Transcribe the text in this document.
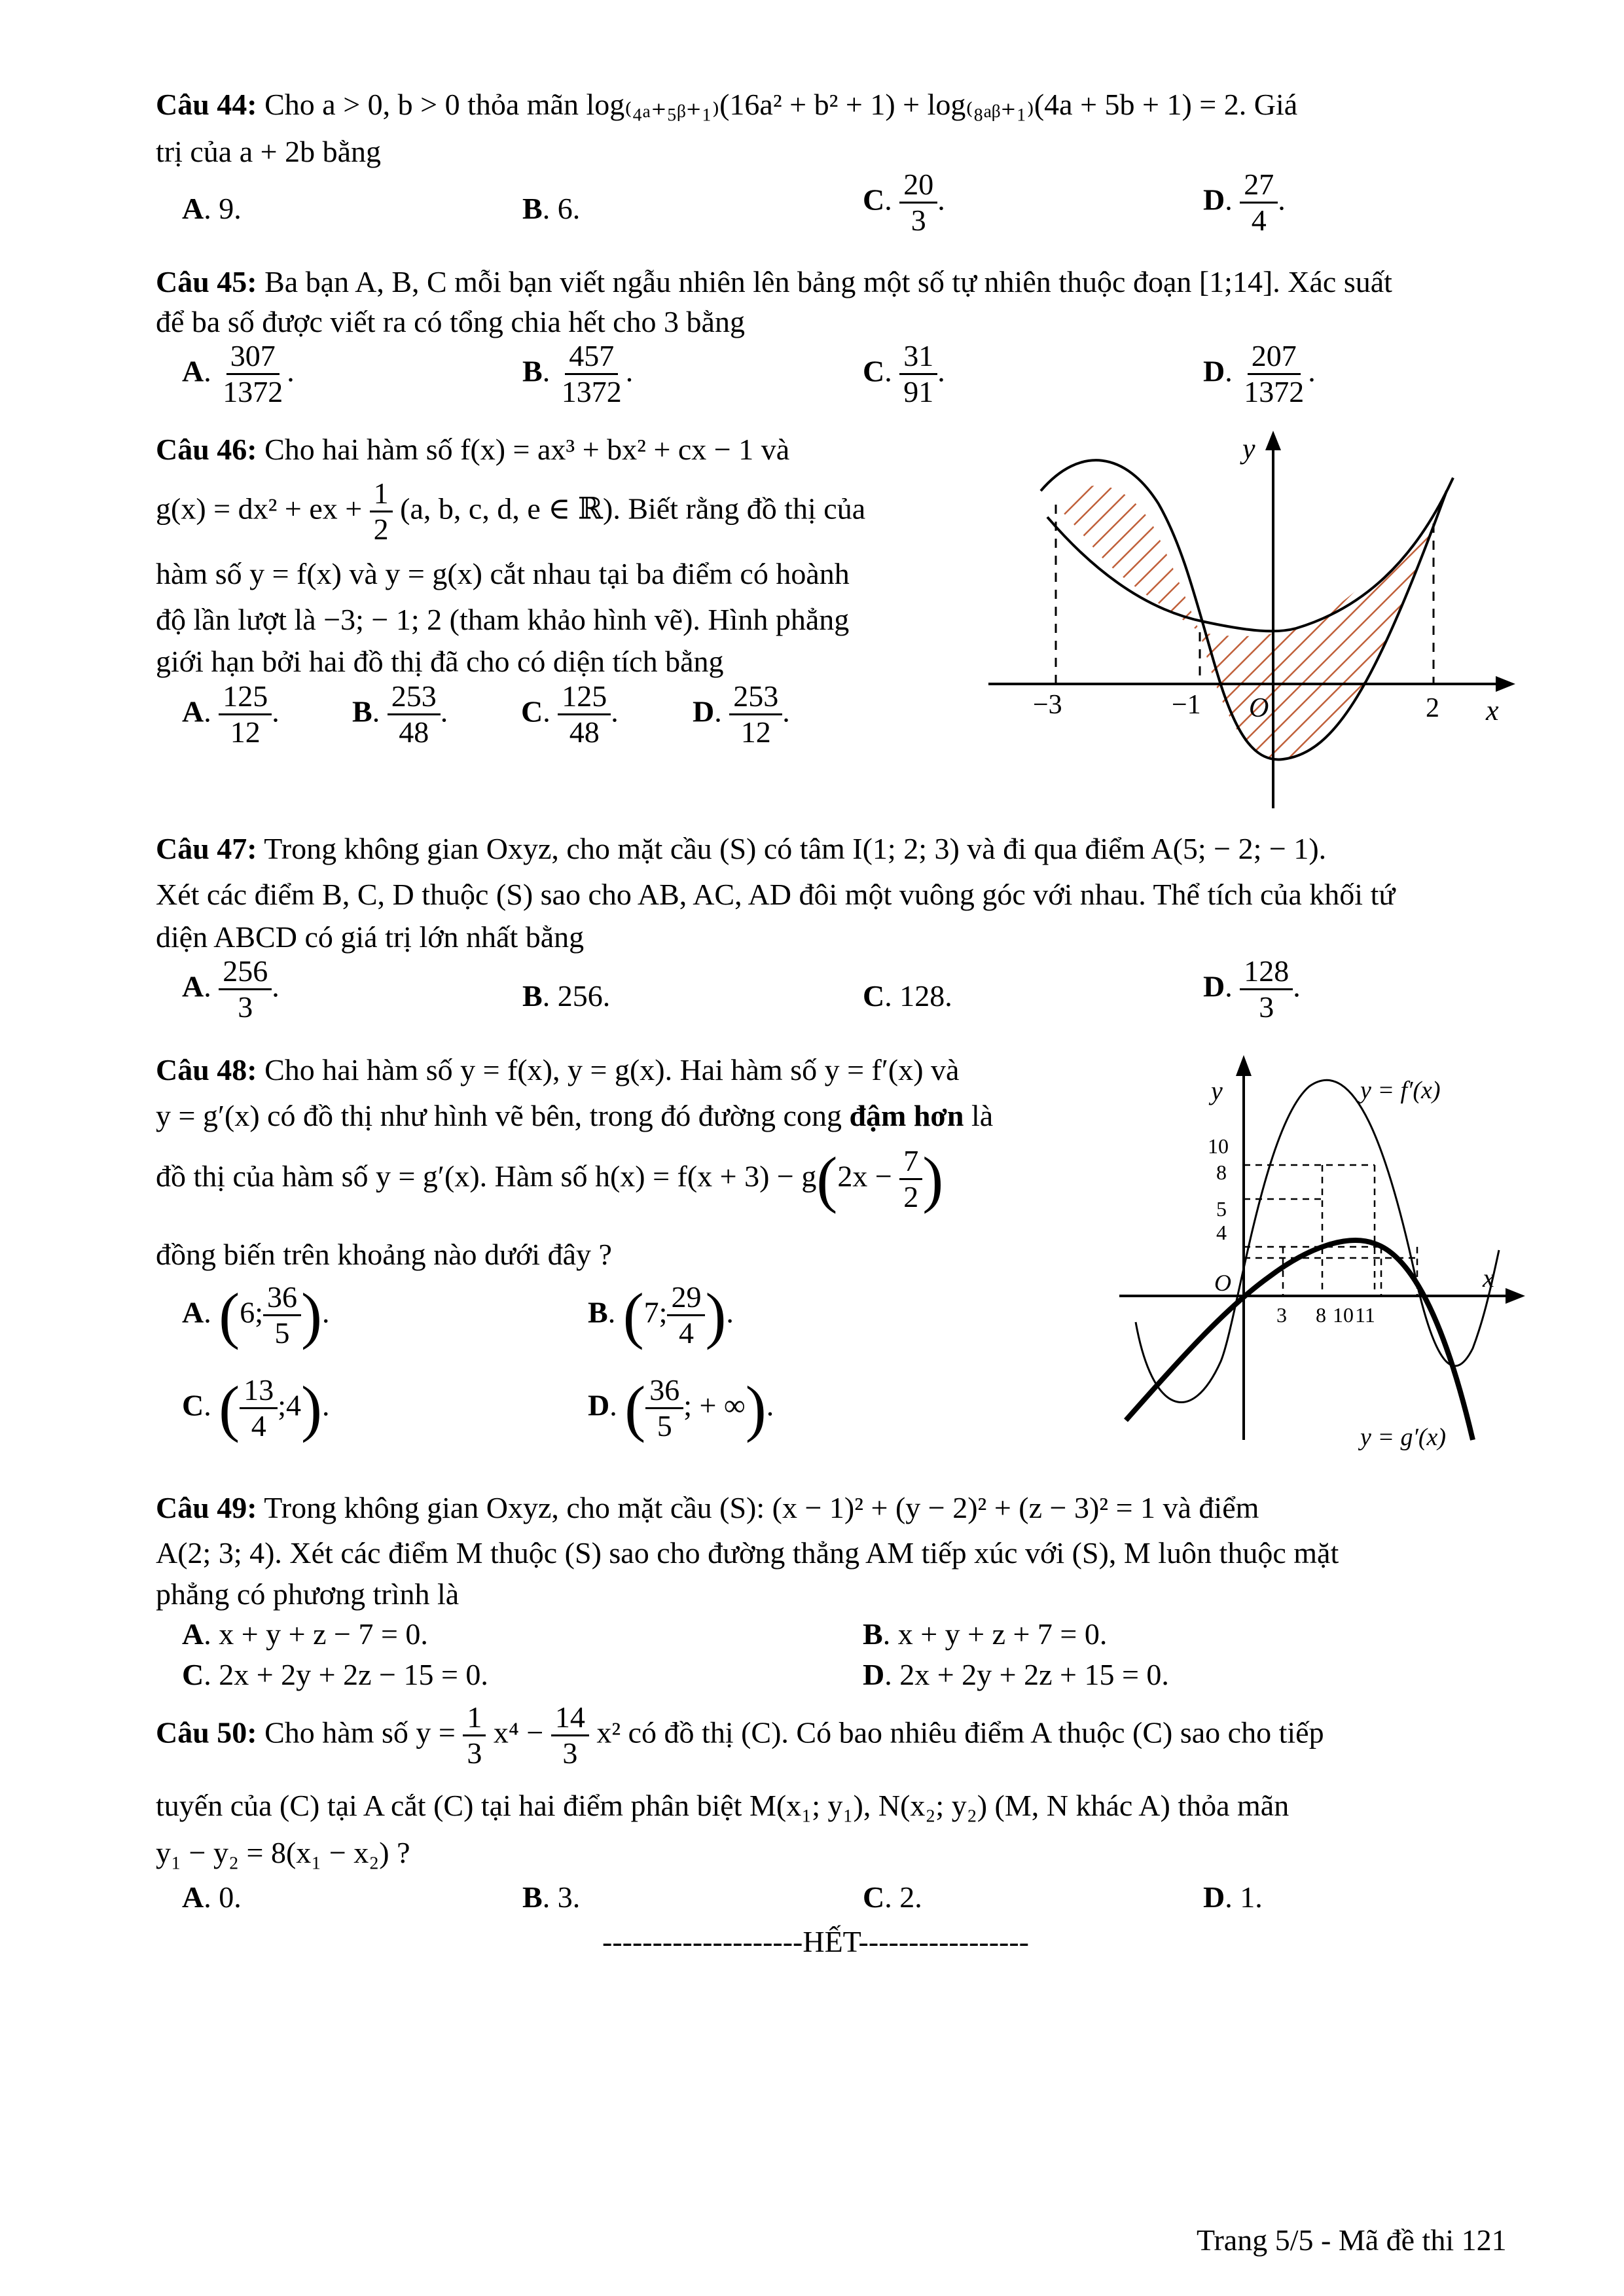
Câu 44: Cho a > 0, b > 0 thỏa mãn log₍₄ₐ₊₅ᵦ₊₁₎(16a² + b² + 1) + log₍₈ₐᵦ₊₁₎(4a + 5b + 1) = 2. Giá
trị của a + 2b bằng
A. 9.	B. 6.	C. $\frac{20}{3}$ .	D. $\frac{27}{4}$ .
Câu 45: Ba bạn A, B, C mỗi bạn viết ngẫu nhiên lên bảng một số tự nhiên thuộc đoạn [1;14]. Xác suất
để ba số được viết ra có tổng chia hết cho 3 bằng
A. $\frac{307}{1372}$ .	B. $\frac{457}{1372}$ .	C. $\frac{31}{91}$ .	D. $\frac{207}{1372}$ .
Câu 46: Cho hai hàm số f(x) = ax³ + bx² + cx − 1 và
g(x) = dx² + ex + $\frac{1}{2} (a$, b, c, d, e ∈ ℝ). Biết rằng đồ thị của
hàm số y = f(x) và y = g(x) cắt nhau tại ba điểm có hoành
độ lần lượt là −3; − 1; 2 (tham khảo hình vẽ). Hình phẳng
giới hạn bởi hai đồ thị đã cho có diện tích bằng
A. $\frac{125}{12}$ . B. $\frac{253}{48}$ . C. $\frac{125}{48}$ . D. $\frac{253}{12}$ .
y
x
O
−3	−1	2
Câu 47: Trong không gian Oxyz, cho mặt cầu (S) có tâm I(1; 2; 3) và đi qua điểm A(5; − 2; − 1).
Xét các điểm B, C, D thuộc (S) sao cho AB, AC, AD đôi một vuông góc với nhau. Thể tích của khối tứ
diện ABCD có giá trị lớn nhất bằng
A. $\frac{256}{3}$ .	B. 256.	C. 128.	D. $\frac{128}{3}$ .
Câu 48: Cho hai hàm số y = f(x), y = g(x). Hai hàm số y = f′(x) và
y = g′(x) có đồ thị như hình vẽ bên, trong đó đường cong đậm hơn là
đồ thị của hàm số y = g′(x). Hàm số $h(x) = f(x + 3) - g(2x - \frac{7}{2}$ )
đồng biến trên khoảng nào dưới đây ?
A. (6; $\frac{36}{5}$ ).	B. (7; $\frac{29}{4}$ ).
C. ( $\frac{13}{4}$ ;4).	D. ( $\frac{36}{5}$ ; + ∞).
y
x
O
y = f′(x)
y = g′(x)
10
8
5
4
3 8 10 11
Câu 49: Trong không gian Oxyz, cho mặt cầu (S): (x − 1)² + (y − 2)² + (z − 3)² = 1 và điểm
A(2; 3; 4). Xét các điểm M thuộc (S) sao cho đường thẳng AM tiếp xúc với (S), M luôn thuộc mặt
phẳng có phương trình là
A. x + y + z − 7 = 0.	B. x + y + z + 7 = 0.
C. 2x + 2y + 2z − 15 = 0.	D. 2x + 2y + 2z + 15 = 0.
Câu 50: Cho hàm số $y = \frac{1}{3} x^4 - \frac{14}{3} x^2$ có đồ thị (C). Có bao nhiêu điểm A thuộc (C) sao cho tiếp
tuyến của (C) tại A cắt (C) tại hai điểm phân biệt M(x₁; y₁), N(x₂; y₂) (M, N khác A) thỏa mãn
y₁ − y₂ = 8(x₁ − x₂) ?
A. 0.	B. 3.	C. 2.	D. 1.
--------------------HẾT-----------------
Trang 5/5 - Mã đề thi 121
